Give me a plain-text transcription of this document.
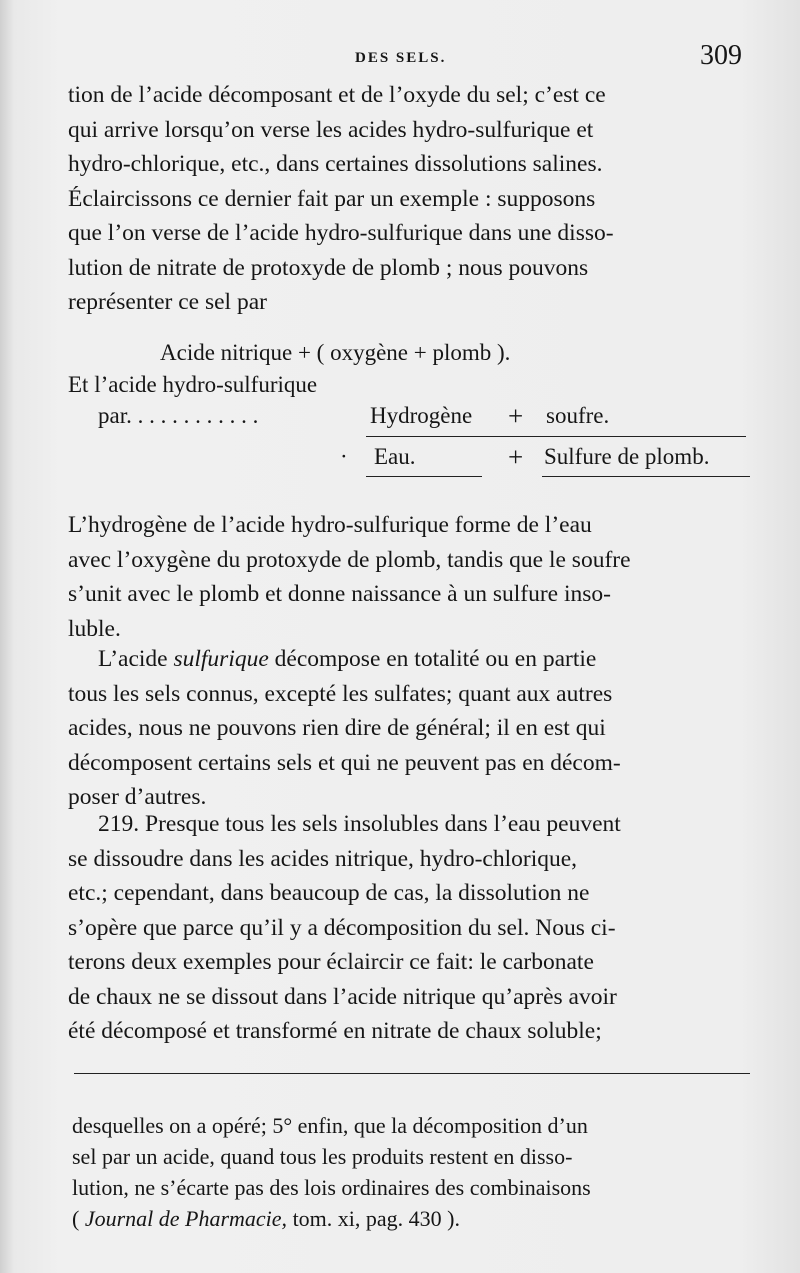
DES SELS.	309
tion de l’acide décomposant et de l’oxyde du sel; c’est ce
qui arrive lorsqu’on verse les acides hydro-sulfurique et
hydro-chlorique, etc., dans certaines dissolutions salines.
Éclaircissons ce dernier fait par un exemple : supposons
que l’on verse de l’acide hydro-sulfurique dans une disso-
lution de nitrate de protoxyde de plomb ; nous pouvons
représenter ce sel par
Acide nitrique + ( oxygène + plomb ).
Et l’acide hydro-sulfurique
par. . . . . . . . . . . .	Hydrogène + soufre.
· Eau.	+ Sulfure de plomb.
L’hydrogène de l’acide hydro-sulfurique forme de l’eau
avec l’oxygène du protoxyde de plomb, tandis que le soufre
s’unit avec le plomb et donne naissance à un sulfure inso-
luble.
L’acide sulfurique décompose en totalité ou en partie
tous les sels connus, excepté les sulfates; quant aux autres
acides, nous ne pouvons rien dire de général; il en est qui
décomposent certains sels et qui ne peuvent pas en décom-
poser d’autres.
219. Presque tous les sels insolubles dans l’eau peuvent
se dissoudre dans les acides nitrique, hydro-chlorique,
etc.; cependant, dans beaucoup de cas, la dissolution ne
s’opère que parce qu’il y a décomposition du sel. Nous ci-
terons deux exemples pour éclaircir ce fait: le carbonate
de chaux ne se dissout dans l’acide nitrique qu’après avoir
été décomposé et transformé en nitrate de chaux soluble;
desquelles on a opéré; 5° enfin, que la décomposition d’un
sel par un acide, quand tous les produits restent en disso-
lution, ne s’écarte pas des lois ordinaires des combinaisons
( Journal de Pharmacie, tom. xi, pag. 430 ).
